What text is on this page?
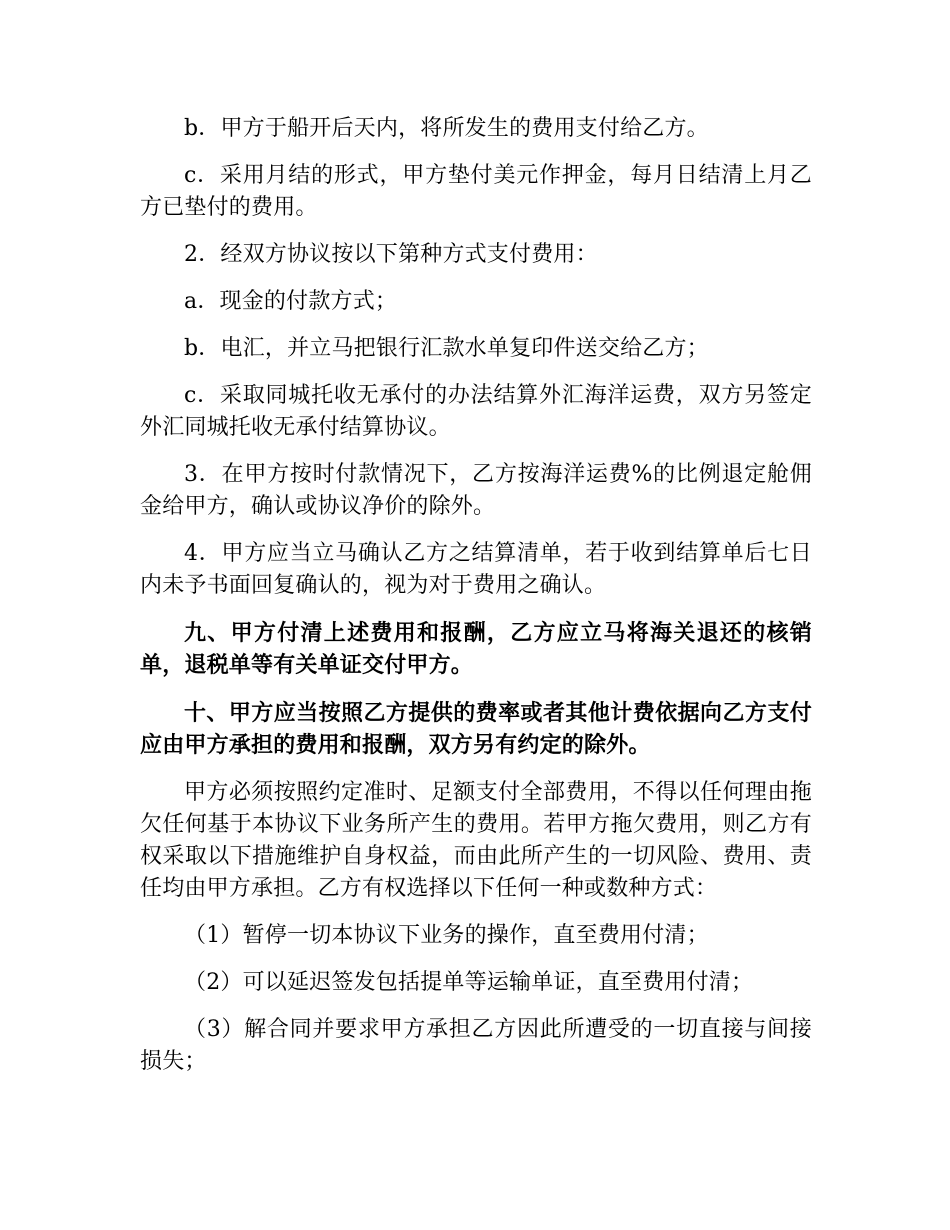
b．甲方于船开后天内，将所发生的费用支付给乙方。

c．采用月结的形式，甲方垫付美元作押金，每月日结清上月乙方已垫付的费用。

2．经双方协议按以下第种方式支付费用：

a．现金的付款方式；

b．电汇，并立马把银行汇款水单复印件送交给乙方；

c．采取同城托收无承付的办法结算外汇海洋运费，双方另签定外汇同城托收无承付结算协议。

3．在甲方按时付款情况下，乙方按海洋运费%的比例退定舱佣金给甲方，确认或协议净价的除外。

4．甲方应当立马确认乙方之结算清单，若于收到结算单后七日内未予书面回复确认的，视为对于费用之确认。

九、甲方付清上述费用和报酬，乙方应立马将海关退还的核销单，退税单等有关单证交付甲方。

十、甲方应当按照乙方提供的费率或者其他计费依据向乙方支付应由甲方承担的费用和报酬，双方另有约定的除外。

甲方必须按照约定准时、足额支付全部费用，不得以任何理由拖欠任何基于本协议下业务所产生的费用。若甲方拖欠费用，则乙方有权采取以下措施维护自身权益，而由此所产生的一切风险、费用、责任均由甲方承担。乙方有权选择以下任何一种或数种方式：

（1）暂停一切本协议下业务的操作，直至费用付清；

（2）可以延迟签发包括提单等运输单证，直至费用付清；

（3）解合同并要求甲方承担乙方因此所遭受的一切直接与间接损失；
